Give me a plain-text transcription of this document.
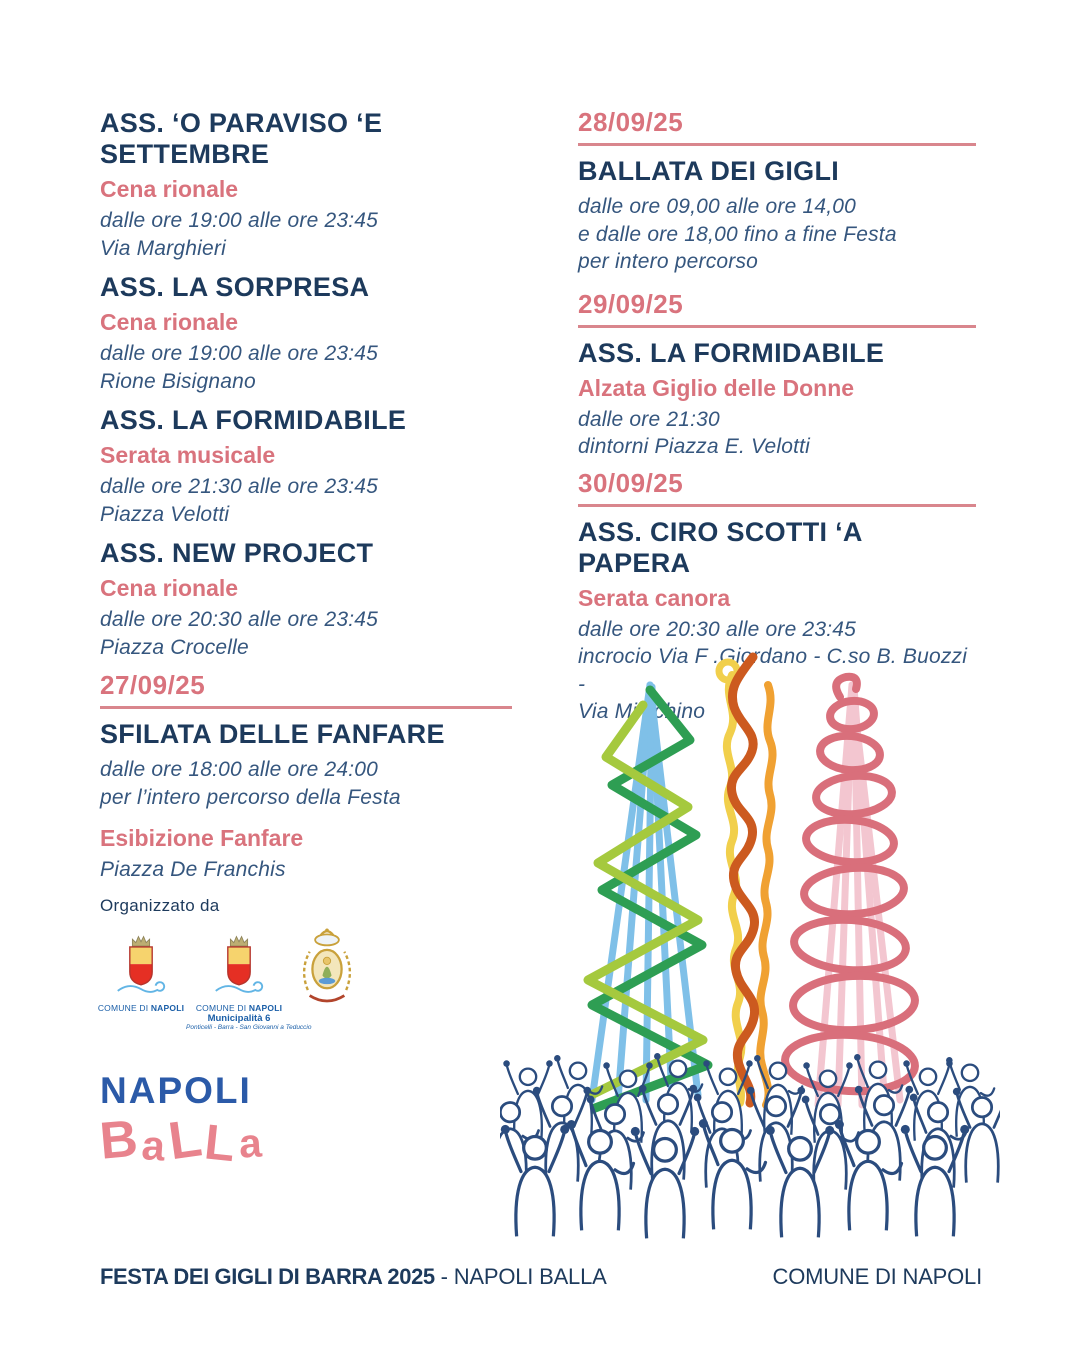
ASS. ‘O PARAVISO ‘E SETTEMBRE
Cena rionale
dalle ore 19:00 alle ore 23:45
Via Marghieri
ASS. LA SORPRESA
Cena rionale
dalle ore 19:00 alle ore 23:45
Rione Bisignano
ASS. LA FORMIDABILE
Serata musicale
dalle ore 21:30 alle ore 23:45
Piazza Velotti
ASS. NEW PROJECT
Cena rionale
dalle ore 20:30 alle ore 23:45
Piazza Crocelle
27/09/25
SFILATA DELLE FANFARE
dalle ore 18:00 alle ore 24:00
per l’intero percorso della Festa
Esibizione Fanfare
Piazza De Franchis
28/09/25
BALLATA DEI GIGLI
dalle ore 09,00 alle ore 14,00
e dalle ore 18,00 fino a fine Festa
per intero percorso
29/09/25
ASS. LA FORMIDABILE
Alzata Giglio delle Donne
dalle ore 21:30
dintorni Piazza E. Velotti
30/09/25
ASS. CIRO SCOTTI ‘A PAPERA
Serata canora
dalle ore 20:30 alle ore 23:45
incrocio Via F .Giordano - C.so B. Buozzi -
Via Minichino
Organizzato da
COMUNE DI NAPOLI	COMUNE DI NAPOLI
Municipalità 6
Ponticelli - Barra - San Giovanni a Teduccio
NAPOLI
BaLLa
FESTA DEI GIGLI DI BARRA 2025 - NAPOLI BALLA	COMUNE DI NAPOLI
